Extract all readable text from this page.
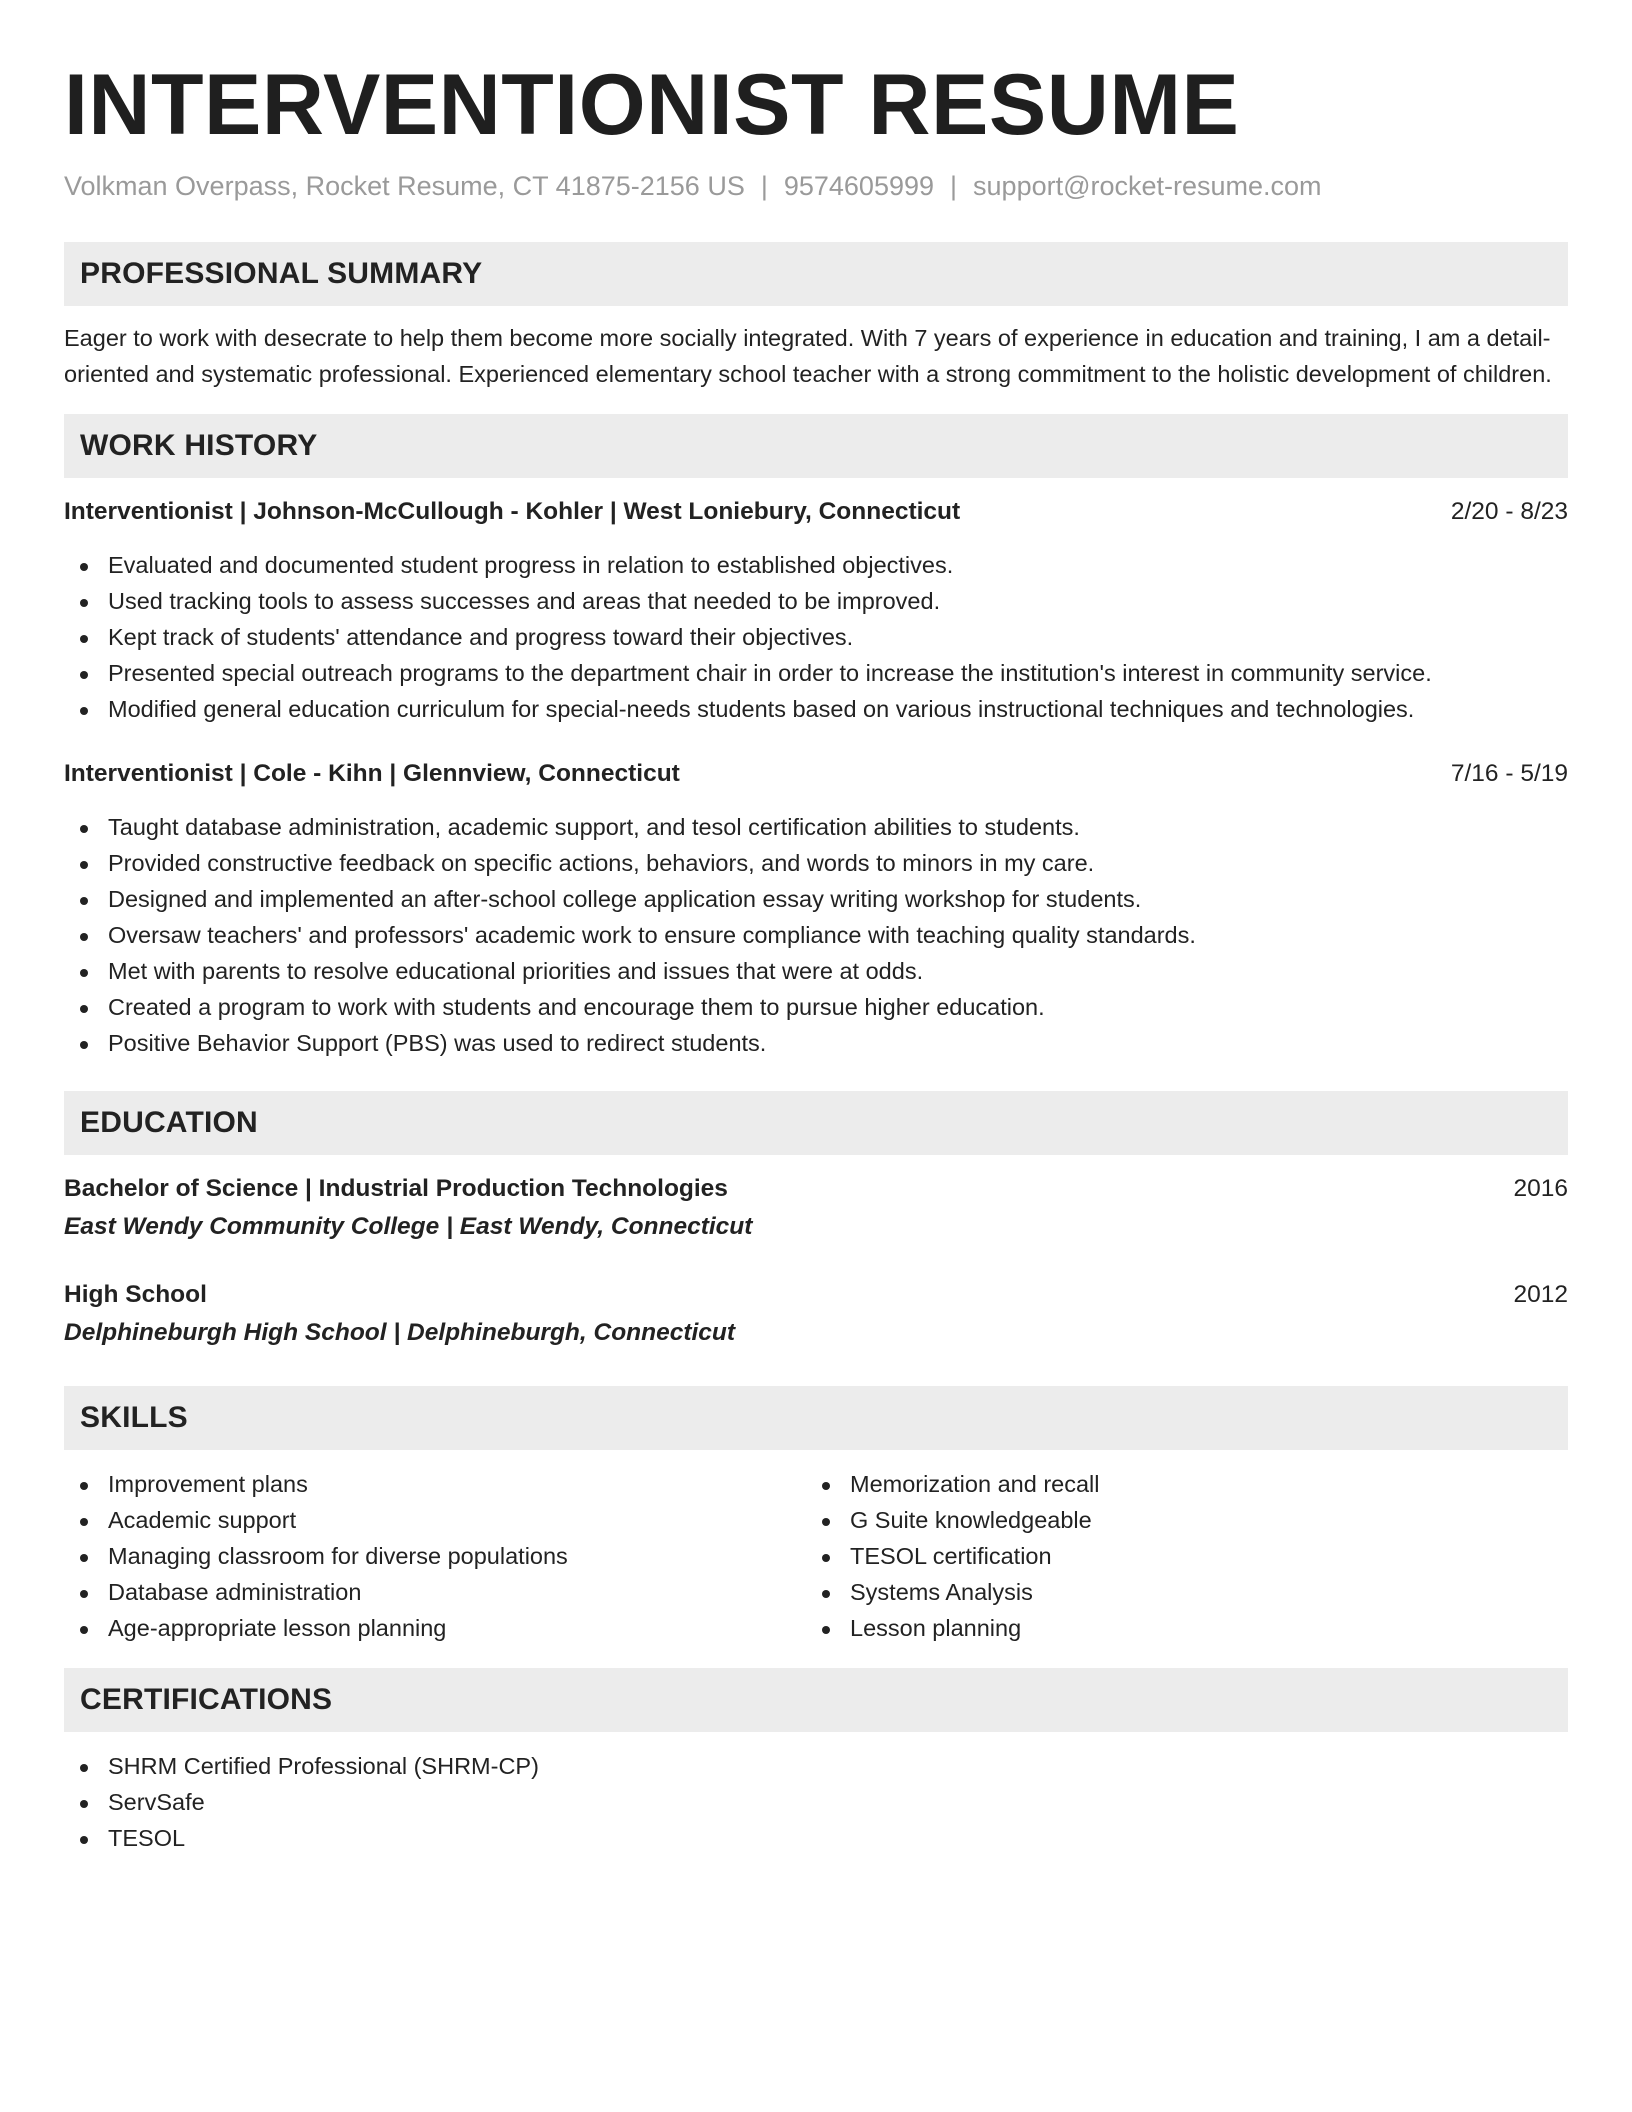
INTERVENTIONIST RESUME
Volkman Overpass, Rocket Resume, CT 41875-2156 US | 9574605999 | support@rocket-resume.com
PROFESSIONAL SUMMARY
Eager to work with desecrate to help them become more socially integrated. With 7 years of experience in education and training, I am a detail-oriented and systematic professional. Experienced elementary school teacher with a strong commitment to the holistic development of children.
WORK HISTORY
Interventionist | Johnson-McCullough - Kohler | West Loniebury, Connecticut	2/20 - 8/23
Evaluated and documented student progress in relation to established objectives.
Used tracking tools to assess successes and areas that needed to be improved.
Kept track of students' attendance and progress toward their objectives.
Presented special outreach programs to the department chair in order to increase the institution's interest in community service.
Modified general education curriculum for special-needs students based on various instructional techniques and technologies.
Interventionist | Cole - Kihn | Glennview, Connecticut	7/16 - 5/19
Taught database administration, academic support, and tesol certification abilities to students.
Provided constructive feedback on specific actions, behaviors, and words to minors in my care.
Designed and implemented an after-school college application essay writing workshop for students.
Oversaw teachers' and professors' academic work to ensure compliance with teaching quality standards.
Met with parents to resolve educational priorities and issues that were at odds.
Created a program to work with students and encourage them to pursue higher education.
Positive Behavior Support (PBS) was used to redirect students.
EDUCATION
Bachelor of Science | Industrial Production Technologies	2016
East Wendy Community College | East Wendy, Connecticut
High School	2012
Delphineburgh High School | Delphineburgh, Connecticut
SKILLS
Improvement plans
Academic support
Managing classroom for diverse populations
Database administration
Age-appropriate lesson planning
Memorization and recall
G Suite knowledgeable
TESOL certification
Systems Analysis
Lesson planning
CERTIFICATIONS
SHRM Certified Professional (SHRM-CP)
ServSafe
TESOL
